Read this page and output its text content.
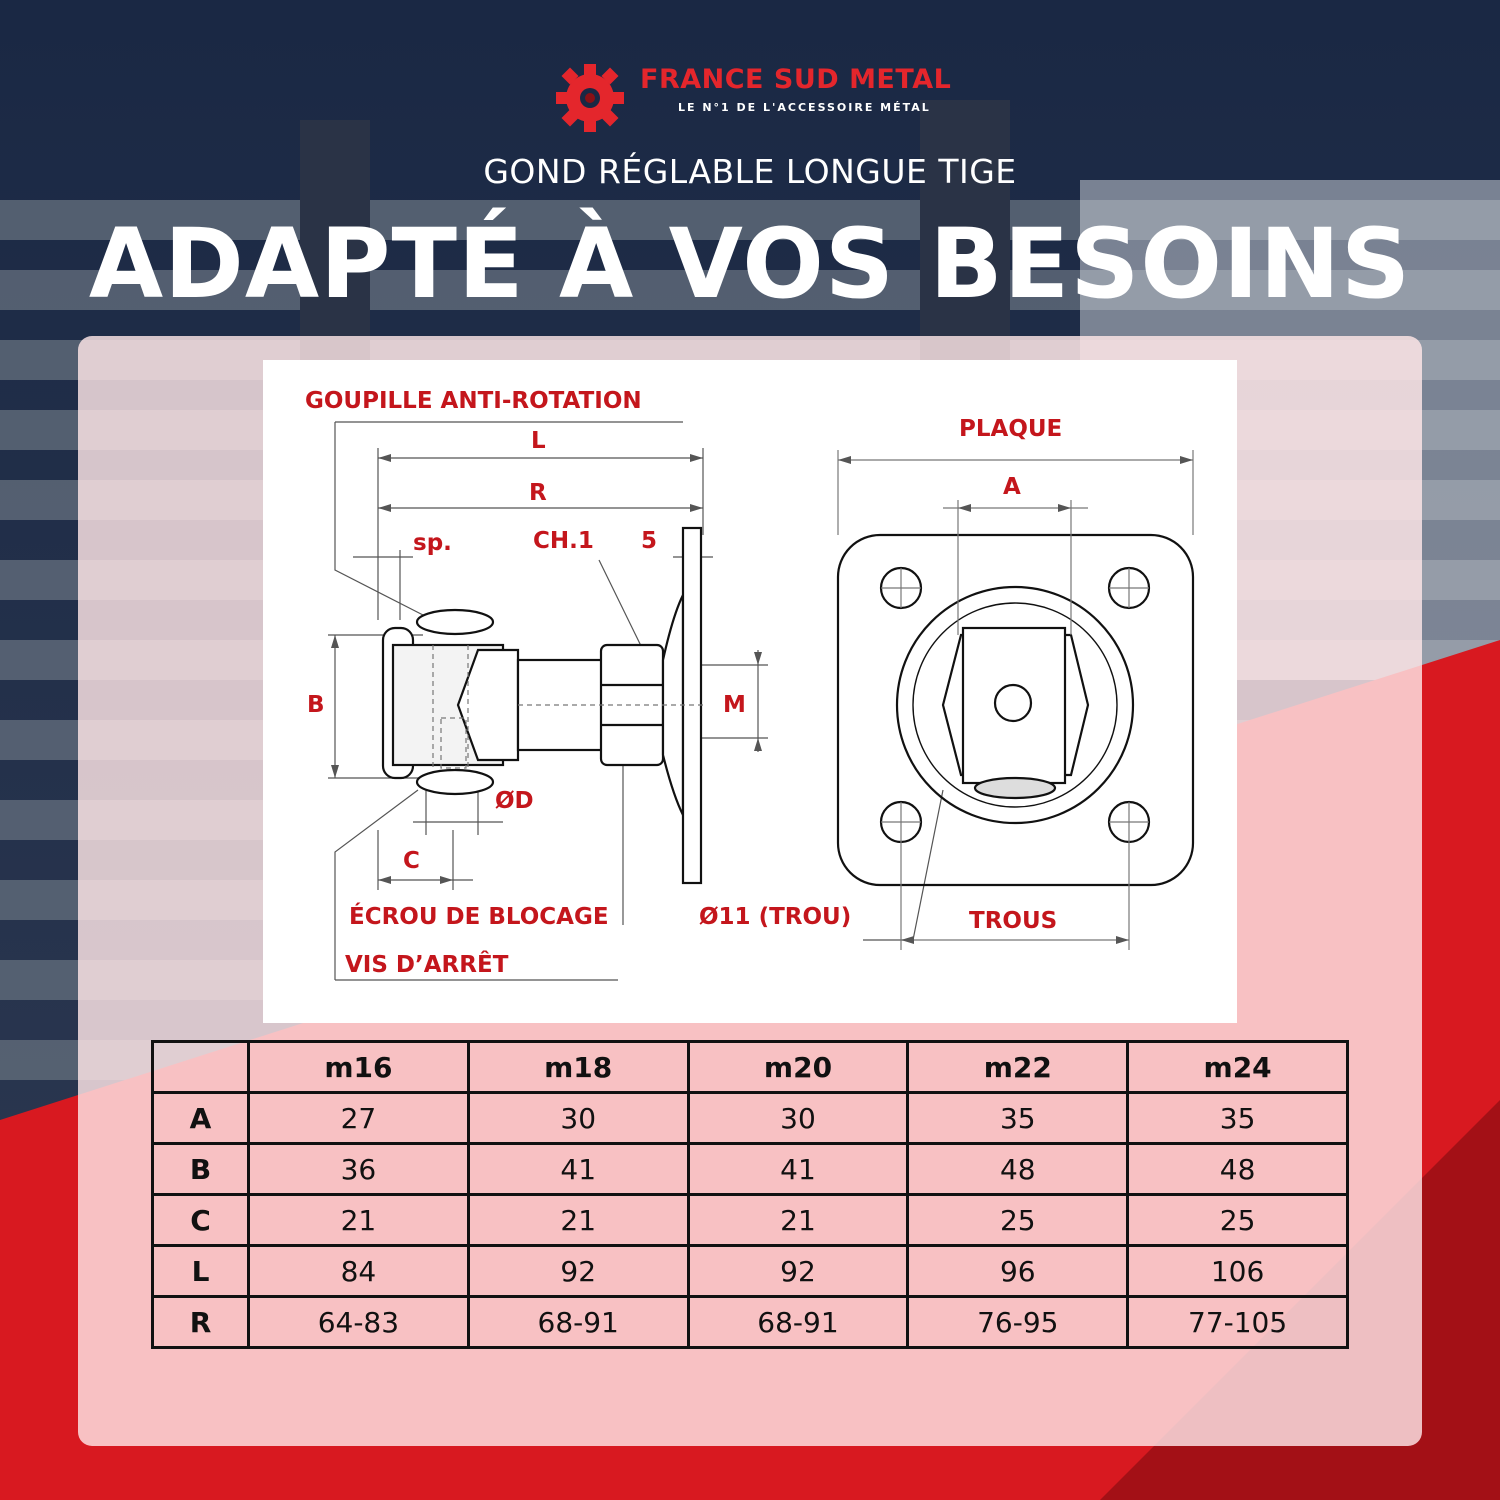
FRANCE SUD METAL
LE N°1 DE L'ACCESSOIRE MÉTAL
GOND RÉGLABLE LONGUE TIGE
ADAPTÉ À VOS BESOINS
GOUPILLE ANTI-ROTATION
L
R
sp.	CH.1 5
B	M
ØD
C
ÉCROU DE BLOCAGE
VIS D’ARRÊT
Ø11 (TROU)
PLAQUE
A
TROUS
	m16	m18	m20	m22	m24
A	27	30	30	35	35
B	36	41	41	48	48
C	21	21	21	25	25
L	84	92	92	96	106
R	64-83	68-91	68-91	76-95	77-105
